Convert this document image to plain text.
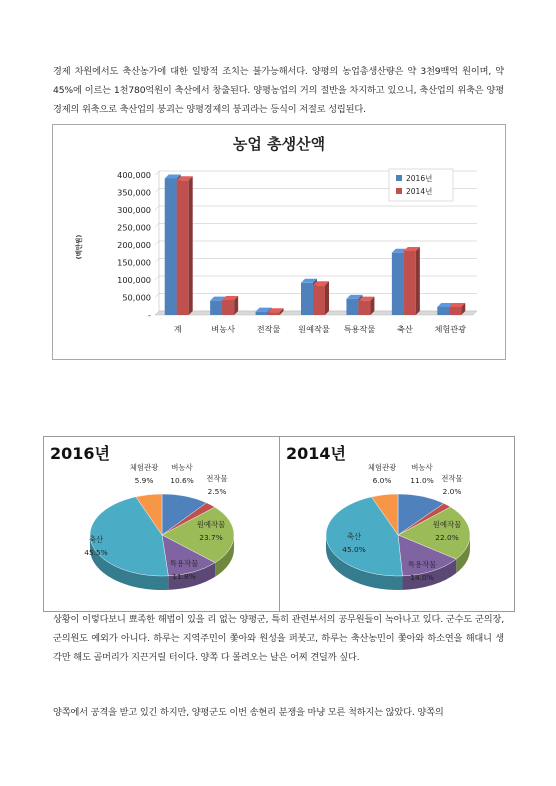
경제 차원에서도 축산농가에 대한 일방적 조치는 불가능해서다. 양평의 농업총생산량은 약 3천9백억 원이며, 약 45%에 이르는 1천780억원이 축산에서 창출된다. 양평농업의 거의 절반을 차지하고 있으니, 축산업의 위축은 양평경제의 위축으로 축산업의 붕괴는 양평경제의 붕괴라는 등식이 저절로 성립된다.

농업 총생산액
(백만원)
400,000
350,000
300,000
250,000
200,000
150,000
100,000
50,000
-
계	벼농사	전작물 원예작물 특용작물	축산	체험관광
2016년
2014년
2016년
벼농사
10.6% 전작물
2.5%
원예작물
23.7%
특용작물
11.8%
축산
45.5%
체험관광
5.9%
2014년
벼농사
11.0% 전작물
2.0%
원예작물
22.0%
특용작물
14.0%
축산
45.0%
체험관광
6.0%

상황이 이렇다보니 뾰족한 해법이 있을 리 없는 양평군, 특히 관련부서의 공무원들이 녹아나고 있다. 군수도 군의장, 군의원도 예외가 아니다. 하루는 지역주민이 쫓아와 원성을 퍼붓고, 하루는 축산농민이 쫓아와 하소연을 해대니 생각만 해도 골머리가 지끈거릴 터이다. 양쪽 다 몰려오는 날은 어찌 견딜까 싶다.

양쪽에서 공격을 받고 있긴 하지만, 양평군도 이번 송현리 분쟁을 마냥 모른 척하지는 않았다. 양쪽의
